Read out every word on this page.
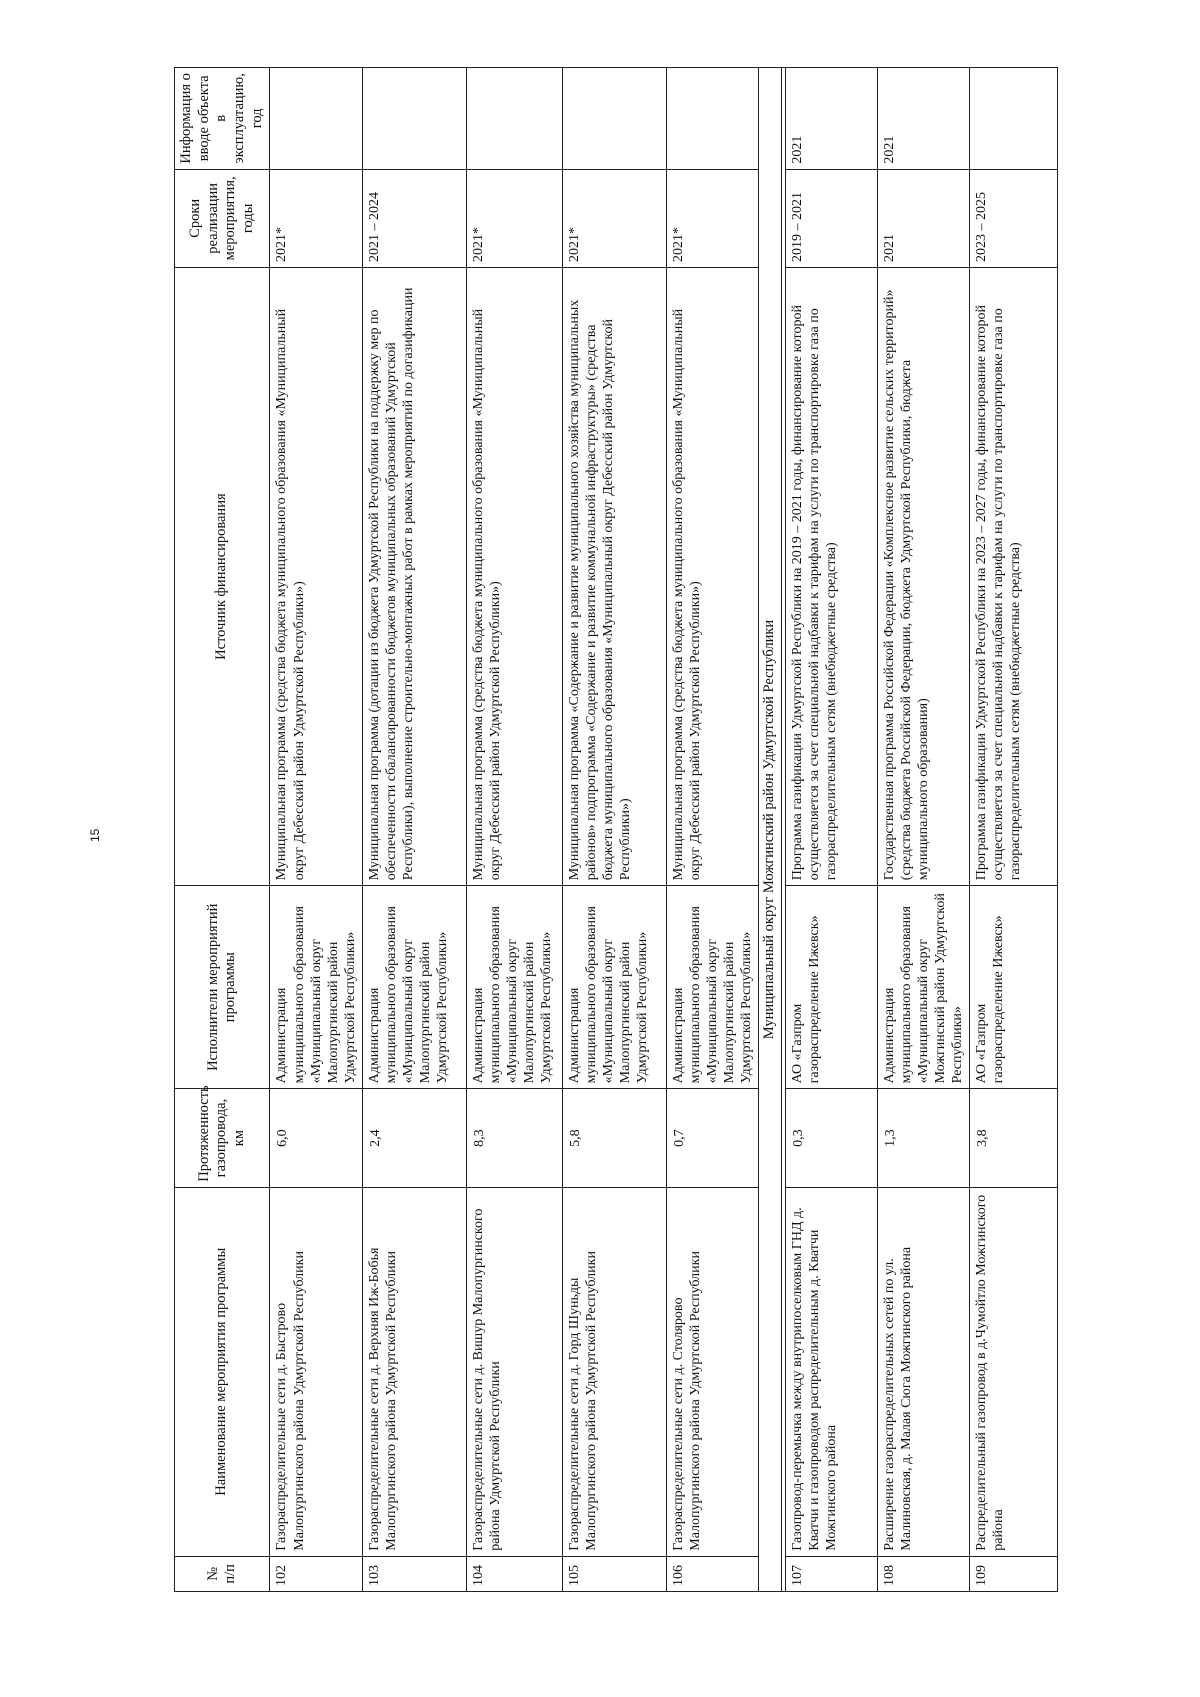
15
№ п/п	Наименование мероприятия программы	Протяженность газопровода, км	Исполнители мероприятий программы	Источник финансирования	Сроки реализации мероприятия, годы	Информация о вводе объекта в эксплуатацию, год
102	Газораспределительные сети д. Быстрово Малопургинского района Удмуртской Республики	6,0	Администрация муниципального образования «Муниципальный округ Малопургинский район Удмуртской Республики»	Муниципальная программа (средства бюджета муниципального образования «Муниципальный округ Дебесский район Удмуртской Республики»)	2021*	
103	Газораспределительные сети д. Верхняя Иж-Бобья Малопургинского района Удмуртской Республики	2,4	Администрация муниципального образования «Муниципальный округ Малопургинский район Удмуртской Республики»	Муниципальная программа (дотации из бюджета Удмуртской Республики на поддержку мер по обеспеченности сбалансированности бюджетов муниципальных образований Удмуртской Республики), выполнение строительно-монтажных работ в рамках мероприятий по догазификации	2021 – 2024	
104	Газораспределительные сети д. Вишур Малопургинского района Удмуртской Республики	8,3	Администрация муниципального образования «Муниципальный округ Малопургинский район Удмуртской Республики»	Муниципальная программа (средства бюджета муниципального образования «Муниципальный округ Дебесский район Удмуртской Республики»)	2021*	
105	Газораспределительные сети д. Горд Шуньды Малопургинского района Удмуртской Республики	5,8	Администрация муниципального образования «Муниципальный округ Малопургинский район Удмуртской Республики»	Муниципальная программа «Содержание и развитие муниципального хозяйства муниципальных районов» подпрограмма «Содержание и развитие коммунальной инфраструктуры» (средства бюджета муниципального образования «Муниципальный округ Дебесский район Удмуртской Республики»)	2021*	
106	Газораспределительные сети д. Столярово Малопургинского района Удмуртской Республики	0,7	Администрация муниципального образования «Муниципальный округ Малопургинский район Удмуртской Республики»	Муниципальная программа (средства бюджета муниципального образования «Муниципальный округ Дебесский район Удмуртской Республики»)	2021*	
Муниципальный округ Можгинский район Удмуртской Республики						

107	Газопровод-перемычка между внутрипоселковым ГНД д. Кватчи и газопроводом распределительным д. Кватчи Можгинского района	0,3	АО «Газпром газораспределение Ижевск»	Программа газификации Удмуртской Республики на 2019 – 2021 годы, финансирование которой осуществляется за счет специальной надбавки к тарифам на услуги по транспортировке газа по газораспределительным сетям (внебюджетные средства)	2019 – 2021	2021
108	Расширение газораспределительных сетей по ул. Малиновская, д. Малая Сюга Можгинского района	1,3	Администрация муниципального образования «Муниципальный округ Можгинский район Удмуртской Республики»	Государственная программа Российской Федерации «Комплексное развитие сельских территорий» (средства бюджета Российской Федерации, бюджета Удмуртской Республики, бюджета муниципального образования)	2021	2021
109	Распределительный газопровод в д.Чумойтло Можгинского района	3,8	АО «Газпром газораспределение Ижевск»	Программа газификации Удмуртской Республики на 2023 – 2027 годы, финансирование которой осуществляется за счет специальной надбавки к тарифам на услуги по транспортировке газа по газораспределительным сетям (внебюджетные средства)	2023 – 2025	
